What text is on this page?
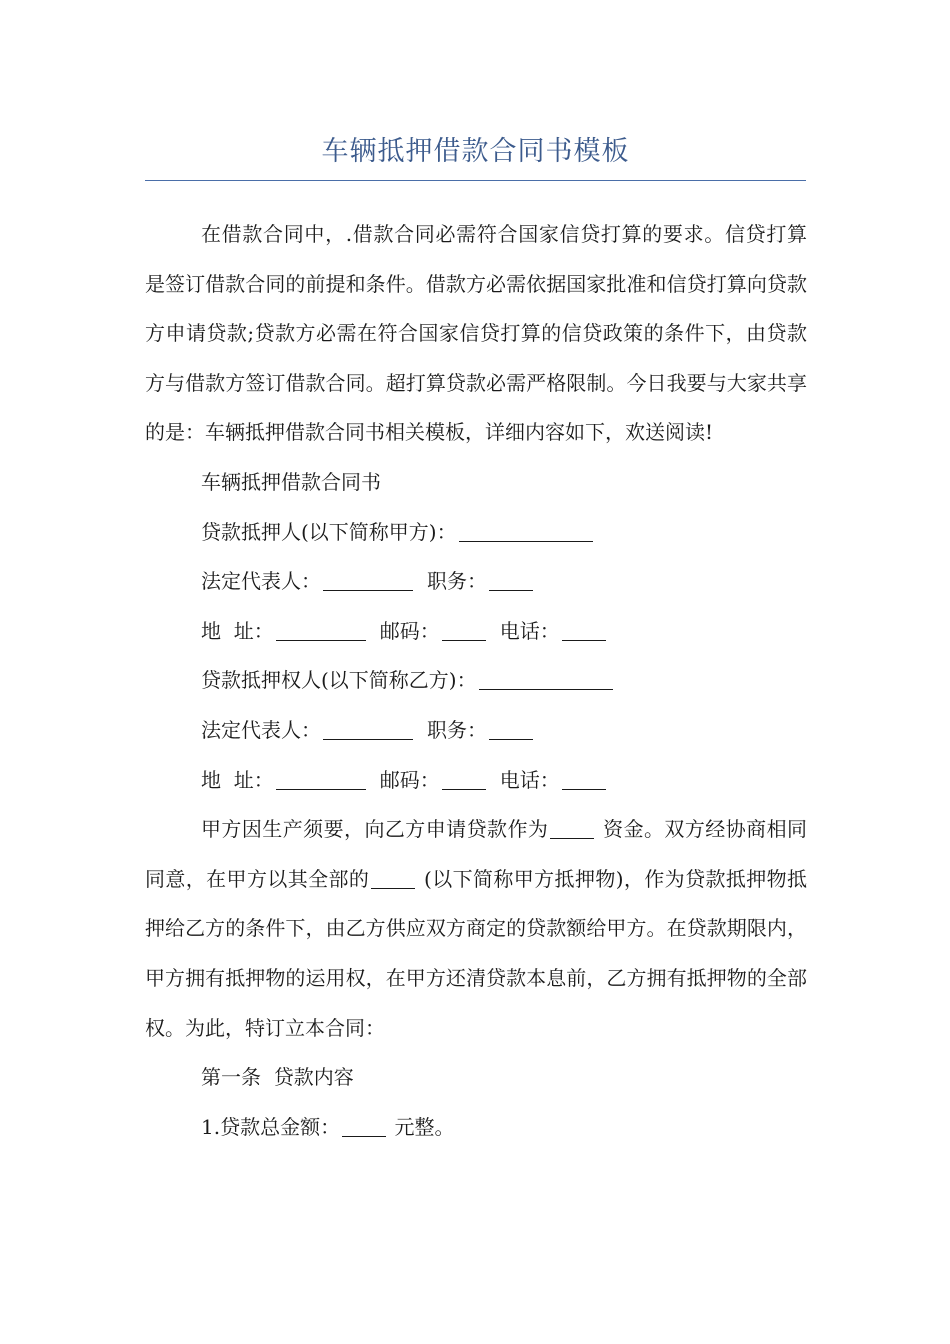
车辆抵押借款合同书模板

在借款合同中，.借款合同必需符合国家信贷打算的要求。信贷打算是签订借款合同的前提和条件。借款方必需依据国家批准和信贷打算向贷款方申请贷款;贷款方必需在符合国家信贷打算的信贷政策的条件下，由贷款方与借款方签订借款合同。超打算贷款必需严格限制。今日我要与大家共享的是：车辆抵押借款合同书相关模板，详细内容如下，欢送阅读!

车辆抵押借款合同书

贷款抵押人(以下简称甲方)：

法定代表人：	职务：

地  址：	邮码：	电话：

贷款抵押权人(以下简称乙方)：

法定代表人：	职务：

地  址：	邮码：	电话：

甲方因生产须要，向乙方申请贷款作为	资金。双方经协商相同同意，在甲方以其全部的	(以下简称甲方抵押物)，作为贷款抵押物抵押给乙方的条件下，由乙方供应双方商定的贷款额给甲方。在贷款期限内，甲方拥有抵押物的运用权，在甲方还清贷款本息前，乙方拥有抵押物的全部权。为此，特订立本合同：

第一条  贷款内容

1.贷款总金额：	元整。
